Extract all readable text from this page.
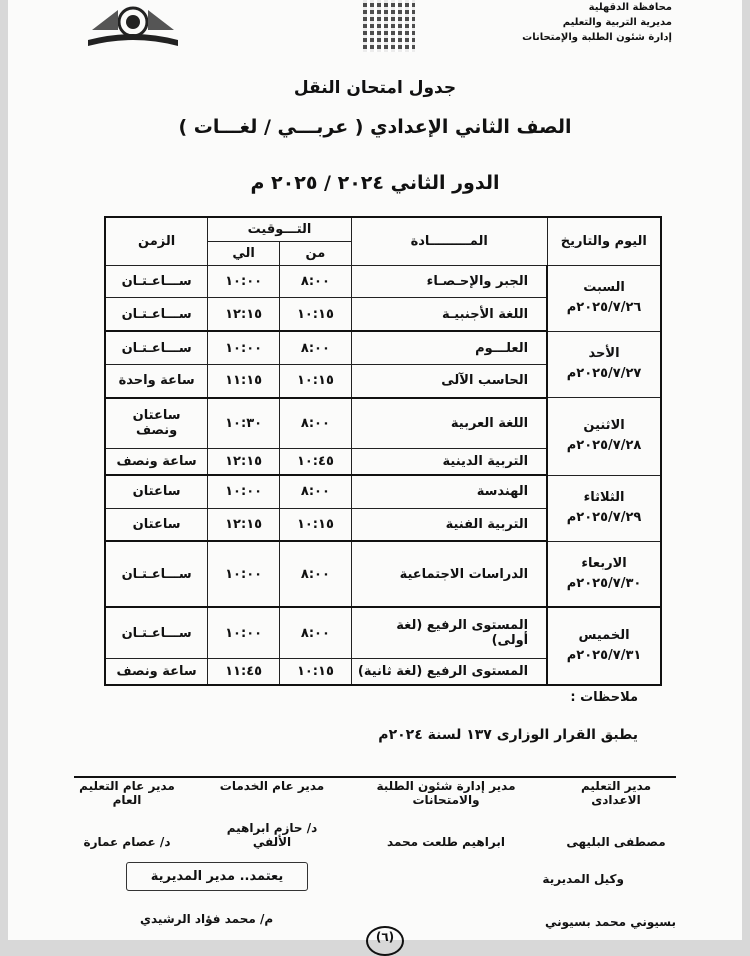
محافظة الدقهلية
مديرية التربية والتعليم
إدارة شئون الطلبة والإمتحانات
جدول امتحان النقل
الصف الثاني الإعدادي ( عربـــي / لغـــات )
الدور الثاني ٢٠٢٤ / ٢٠٢٥ م
اليوم والتاريخ	المـــــــــادة	التـــوقيت		الزمن
		من	الي	

السبت
٢٠٢٥/٧/٢٦م	الجبر والإحـصـاء	٨:٠٠	١٠:٠٠	ســـاعـتـان
	اللغة الأجنبيـة	١٠:١٥	١٢:١٥	ســـاعـتـان

الأحد
٢٠٢٥/٧/٢٧م	العلـــوم	٨:٠٠	١٠:٠٠	ســـاعـتـان
	الحاسب الآلى	١٠:١٥	١١:١٥	ساعة واحدة

الاثنين
٢٠٢٥/٧/٢٨م	اللغة العربية	٨:٠٠	١٠:٣٠	ساعتان ونصف
	التربية الدينية	١٠:٤٥	١٢:١٥	ساعة ونصف

الثلاثاء
٢٠٢٥/٧/٢٩م	الهندسة	٨:٠٠	١٠:٠٠	ساعتان
	التربية الفنية	١٠:١٥	١٢:١٥	ساعتان

الاربعاء
٢٠٢٥/٧/٣٠م	الدراسات الاجتماعية	٨:٠٠	١٠:٠٠	ســـاعـتـان

الخميس
٢٠٢٥/٧/٣١م	المستوى الرفيع (لغة أولى)	٨:٠٠	١٠:٠٠	ســـاعـتـان
	المستوى الرفيع (لغة ثانية)	١٠:١٥	١١:٤٥	ساعة ونصف
ملاحظات :
يطبق القرار الوزارى ١٣٧ لسنة ٢٠٢٤م
مدير التعليم الاعدادى
مصطفى البليهى
مدير إدارة شئون الطلبة والامتحانات
ابراهيم طلعت محمد
مدير عام الخدمات
د/ حازم ابراهيم الألفي
مدير عام التعليم العام
د/ عصام عمارة
يعتمد.. مدير المديرية
م/ محمد فؤاد الرشيدي
وكيل المديرية
بسيوني محمد بسيوني
(٦)
